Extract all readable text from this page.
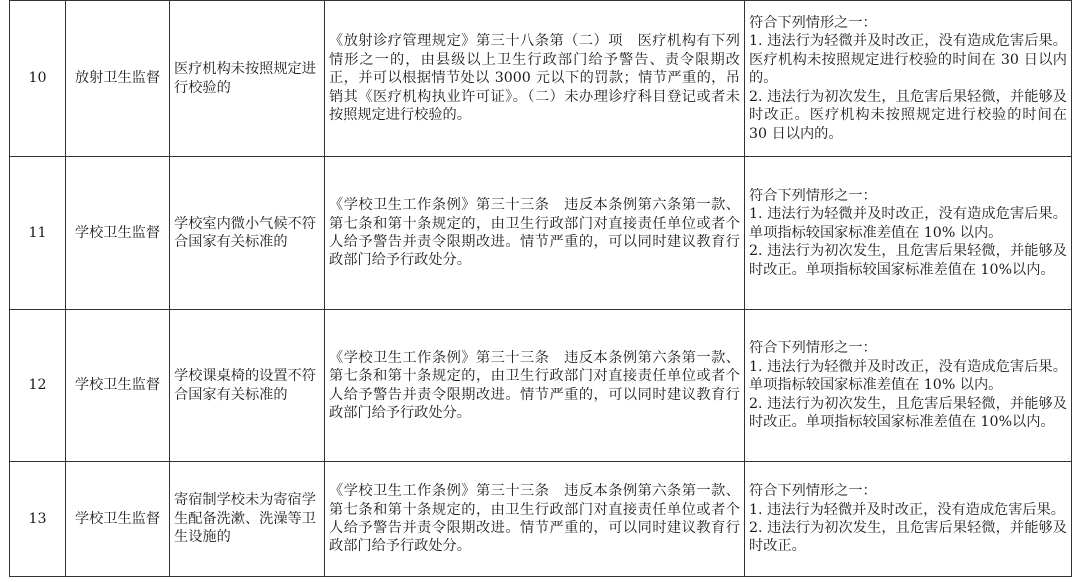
10	放射卫生监督	医疗机构未按照规定进行校验的	《放射诊疗管理规定》第三十八条第（二）项　医疗机构有下列情形之一的，由县级以上卫生行政部门给予警告、责令限期改正，并可以根据情节处以 3000 元以下的罚款；情节严重的，吊销其《医疗机构执业许可证》。（二）未办理诊疗科目登记或者未按照规定进行校验的。	符合下列情形之一：
1. 违法行为轻微并及时改正，没有造成危害后果。医疗机构未按照规定进行校验的时间在 30 日以内的。
2. 违法行为初次发生，且危害后果轻微，并能够及时改正。医疗机构未按照规定进行校验的时间在 30 日以内的。

11	学校卫生监督	学校室内微小气候不符合国家有关标准的	《学校卫生工作条例》第三十三条　违反本条例第六条第一款、第七条和第十条规定的，由卫生行政部门对直接责任单位或者个人给予警告并责令限期改进。情节严重的，可以同时建议教育行政部门给予行政处分。	符合下列情形之一：
1. 违法行为轻微并及时改正，没有造成危害后果。单项指标较国家标准差值在 10% 以内。
2. 违法行为初次发生，且危害后果轻微，并能够及时改正。单项指标较国家标准差值在 10%以内。

12	学校卫生监督	学校课桌椅的设置不符合国家有关标准的	《学校卫生工作条例》第三十三条　违反本条例第六条第一款、第七条和第十条规定的，由卫生行政部门对直接责任单位或者个人给予警告并责令限期改进。情节严重的，可以同时建议教育行政部门给予行政处分。	符合下列情形之一：
1. 违法行为轻微并及时改正，没有造成危害后果。单项指标较国家标准差值在 10% 以内。
2. 违法行为初次发生，且危害后果轻微，并能够及时改正。单项指标较国家标准差值在 10%以内。

13	学校卫生监督	寄宿制学校未为寄宿学生配备洗漱、洗澡等卫生设施的	《学校卫生工作条例》第三十三条　违反本条例第六条第一款、第七条和第十条规定的，由卫生行政部门对直接责任单位或者个人给予警告并责令限期改进。情节严重的，可以同时建议教育行政部门给予行政处分。	符合下列情形之一：
1. 违法行为轻微并及时改正，没有造成危害后果。
2. 违法行为初次发生，且危害后果轻微，并能够及时改正。
